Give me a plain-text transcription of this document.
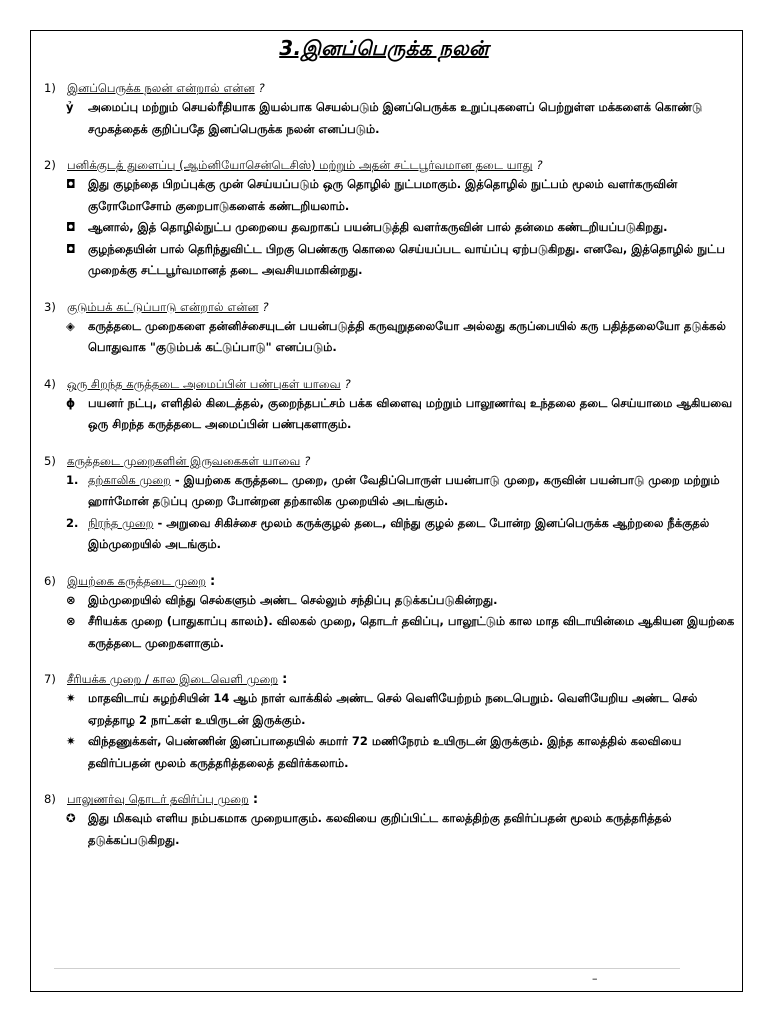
3.இனப்பெருக்க நலன்
1) இனப்பெருக்க நலன் என்றால் என்ன ?
ỷ	அமைப்பு மற்றும் செயல்ரீதியாக இயல்பாக செயல்படும் இனப்பெருக்க உறுப்புகளைப் பெற்றுள்ள மக்களைக் கொண்டு சமுகத்தைக் குறிப்பதே இனப்பெருக்க நலன் எனப்படும்.
2) பனிக்குடத் துளைப்பு (ஆம்னியோசென்டெசிஸ்) மற்றும் அதன் சட்டபூர்வமான தடை யாது ?
◘	இது குழந்தை பிறப்புக்கு முன் செய்யப்படும் ஒரு தொழில் நுட்பமாகும். இத்தொழில் நுட்பம் மூலம் வளர்கருவின் குரோமோசோம் குறைபாடுகளைக் கண்டறியலாம்.
◘	ஆனால், இத் தொழில்நுட்ப முறையை தவறாகப் பயன்படுத்தி வளர்கருவின் பால் தன்மை கண்டறியப்படுகிறது.
◘	குழந்தையின் பால் தெரிந்துவிட்ட பிறகு பெண்கரு கொலை செய்யப்பட வாய்ப்பு ஏற்படுகிறது. எனவே, இத்தொழில் நுட்ப முறைக்கு சட்டபூர்வமானத் தடை அவசியமாகின்றது.
3) குடும்பக் கட்டுப்பாடு என்றால் என்ன ?
◈	கருத்தடை முறைகளை தன்னிச்சையுடன் பயன்படுத்தி கருவுறுதலையோ அல்லது கருப்பையில் கரு பதித்தலையோ தடுக்கல் பொதுவாக "குடும்பக் கட்டுப்பாடு" எனப்படும்.
4) ஒரு சிறந்த கருத்தடை அமைப்பின் பண்புகள் யாவை ?
ϕ	பயனர் நட்பு, எளிதில் கிடைத்தல், குறைந்தபட்சம் பக்க விளைவு மற்றும் பாலூணர்வு உந்தலை தடை செய்யாமை ஆகியவை ஒரு சிறந்த கருத்தடை அமைப்பின் பண்புகளாகும்.
5) கருத்தடை முறைகளின் இருவகைகள் யாவை ?
1. தற்காலிக முறை - இயற்கை கருத்தடை முறை, முன் வேதிப்பொருள் பயன்பாடு முறை, கருவின் பயன்பாடு முறை மற்றும் ஹார்மோன் தடுப்பு முறை போன்றன தற்காலிக முறையில் அடங்கும்.
2. நிரந்த முறை - அறுவை சிகிச்சை மூலம் கருக்குழல் தடை, விந்து குழல் தடை போன்ற இனப்பெருக்க ஆற்றலை நீக்குதல் இம்முறையில் அடங்கும்.
6) இயற்கை கருத்தடை முறை :
⊗	இம்முறையில் விந்து செல்களும் அண்ட செல்லும் சந்திப்பு தடுக்கப்படுகின்றது.
⊗	சீரியக்க முறை (பாதுகாப்பு காலம்). விலகல் முறை, தொடர் தவிப்பு, பாலூட்டும் கால மாத விடாயின்மை ஆகியன இயற்கை கருத்தடை முறைகளாகும்.
7) சீரியக்க முறை / கால இடைவெளி முறை :
✷	மாதவிடாய் சுழற்சியின் 14 ஆம் நாள் வாக்கில் அண்ட செல் வெளியேற்றம் நடைபெறும். வெளியேறிய அண்ட செல் ஏறத்தாழ 2 நாட்கள் உயிருடன் இருக்கும்.
✷	விந்தணுக்கள், பெண்ணின் இனப்பாதையில் சுமார் 72 மணிநேரம் உயிருடன் இருக்கும். இந்த காலத்தில் கலவியை தவிர்ப்பதன் மூலம் கருத்தரித்தலைத் தவிர்க்கலாம்.
8) பாலுணர்வு தொடர் தவிர்ப்பு முறை :
✪	இது மிகவும் எளிய நம்பகமாக முறையாகும். கலவியை குறிப்பிட்ட காலத்திற்கு தவிர்ப்பதன் மூலம் கருத்தரித்தல் தடுக்கப்படுகிறது.
–
